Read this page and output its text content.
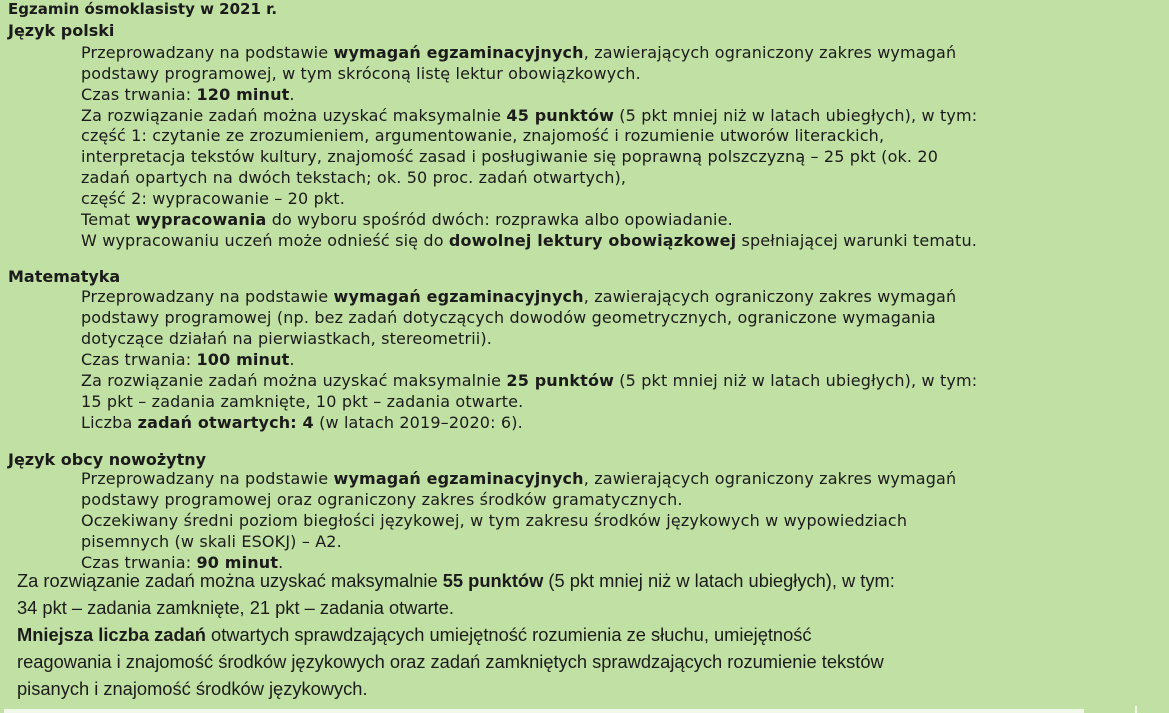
Egzamin ósmoklasisty w 2021 r.
Język polski
Przeprowadzany na podstawie wymagań egzaminacyjnych, zawierających ograniczony zakres wymagań
podstawy programowej, w tym skróconą listę lektur obowiązkowych.
Czas trwania: 120 minut.
Za rozwiązanie zadań można uzyskać maksymalnie 45 punktów (5 pkt mniej niż w latach ubiegłych), w tym:
część 1: czytanie ze zrozumieniem, argumentowanie, znajomość i rozumienie utworów literackich,
interpretacja tekstów kultury, znajomość zasad i posługiwanie się poprawną polszczyzną – 25 pkt (ok. 20
zadań opartych na dwóch tekstach; ok. 50 proc. zadań otwartych),
część 2: wypracowanie – 20 pkt.
Temat wypracowania do wyboru spośród dwóch: rozprawka albo opowiadanie.
W wypracowaniu uczeń może odnieść się do dowolnej lektury obowiązkowej spełniającej warunki tematu.
Matematyka
Przeprowadzany na podstawie wymagań egzaminacyjnych, zawierających ograniczony zakres wymagań
podstawy programowej (np. bez zadań dotyczących dowodów geometrycznych, ograniczone wymagania
dotyczące działań na pierwiastkach, stereometrii).
Czas trwania: 100 minut.
Za rozwiązanie zadań można uzyskać maksymalnie 25 punktów (5 pkt mniej niż w latach ubiegłych), w tym:
15 pkt – zadania zamknięte, 10 pkt – zadania otwarte.
Liczba zadań otwartych: 4 (w latach 2019–2020: 6).
Język obcy nowożytny
Przeprowadzany na podstawie wymagań egzaminacyjnych, zawierających ograniczony zakres wymagań
podstawy programowej oraz ograniczony zakres środków gramatycznych.
Oczekiwany średni poziom biegłości językowej, w tym zakresu środków językowych w wypowiedziach
pisemnych (w skali ESOKJ) – A2.
Czas trwania: 90 minut.
Za rozwiązanie zadań można uzyskać maksymalnie 55 punktów (5 pkt mniej niż w latach ubiegłych), w tym:
34 pkt – zadania zamknięte, 21 pkt – zadania otwarte.
Mniejsza liczba zadań otwartych sprawdzających umiejętność rozumienia ze słuchu, umiejętność
reagowania i znajomość środków językowych oraz zadań zamkniętych sprawdzających rozumienie tekstów
pisanych i znajomość środków językowych.
